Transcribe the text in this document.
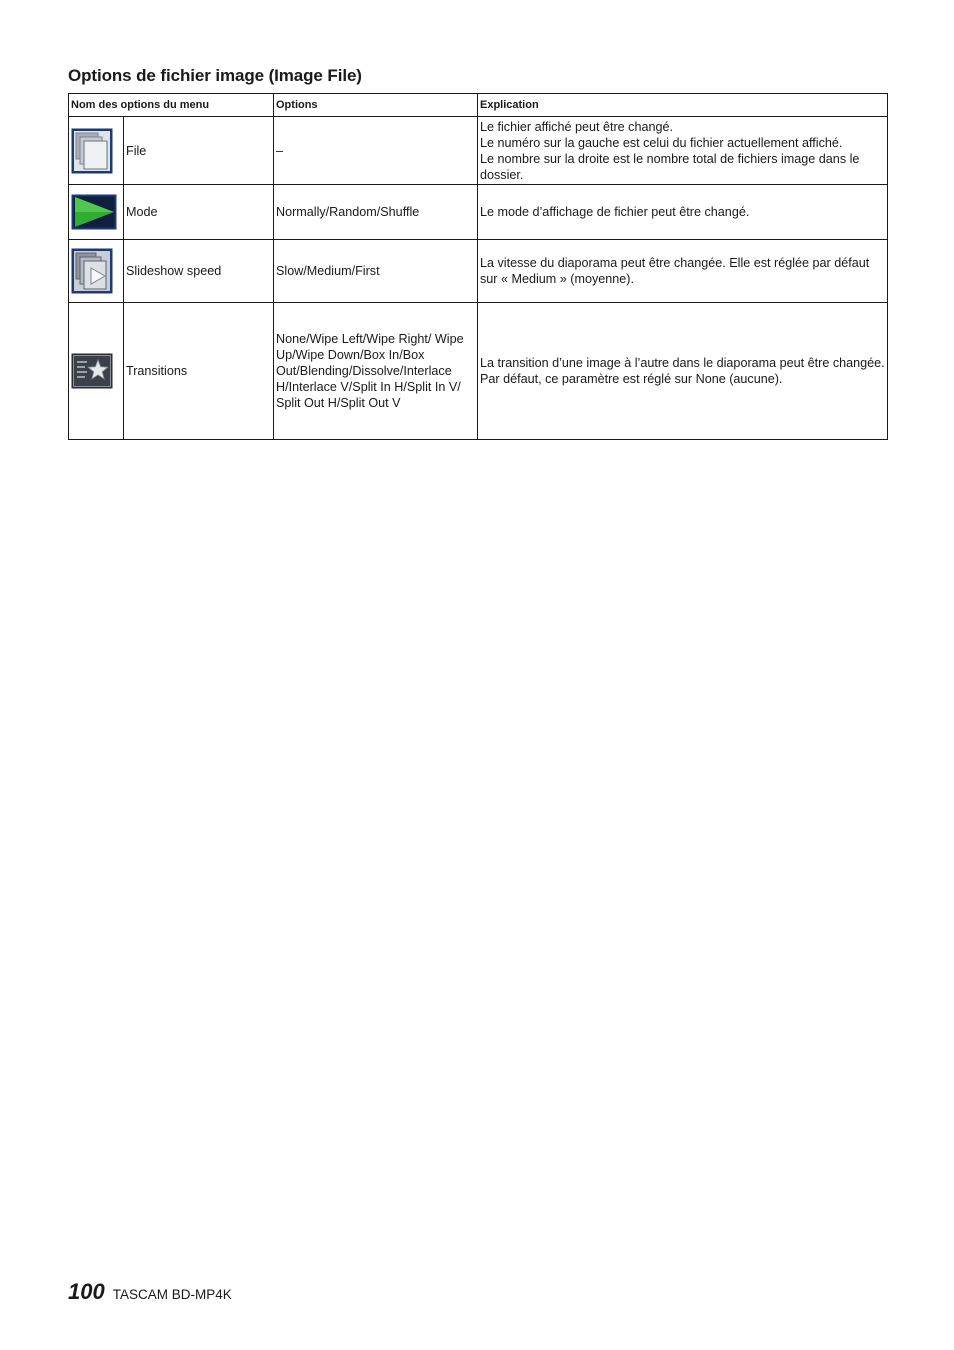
Options de fichier image (Image File)
Nom des options du menu		Options	Explication

	File	–	Le fichier affiché peut être changé.
Le numéro sur la gauche est celui du fichier actuellement affiché.
Le nombre sur la droite est le nombre total de fichiers image dans le dossier.

	Mode	Normally/Random/Shuffle	Le mode d’affichage de fichier peut être changé.

	Slideshow speed	Slow/Medium/First	La vitesse du diaporama peut être changée. Elle est réglée par défaut sur « Medium » (moyenne).

	Transitions	None/Wipe Left/Wipe Right/ Wipe Up/Wipe Down/Box In/Box Out/Blending/Dissolve/Interlace H/Interlace V/Split In H/Split In V/ Split Out H/Split Out V	La transition d’une image à l’autre dans le diaporama peut être changée. Par défaut, ce paramètre est réglé sur None (aucune).
100 TASCAM BD-MP4K
